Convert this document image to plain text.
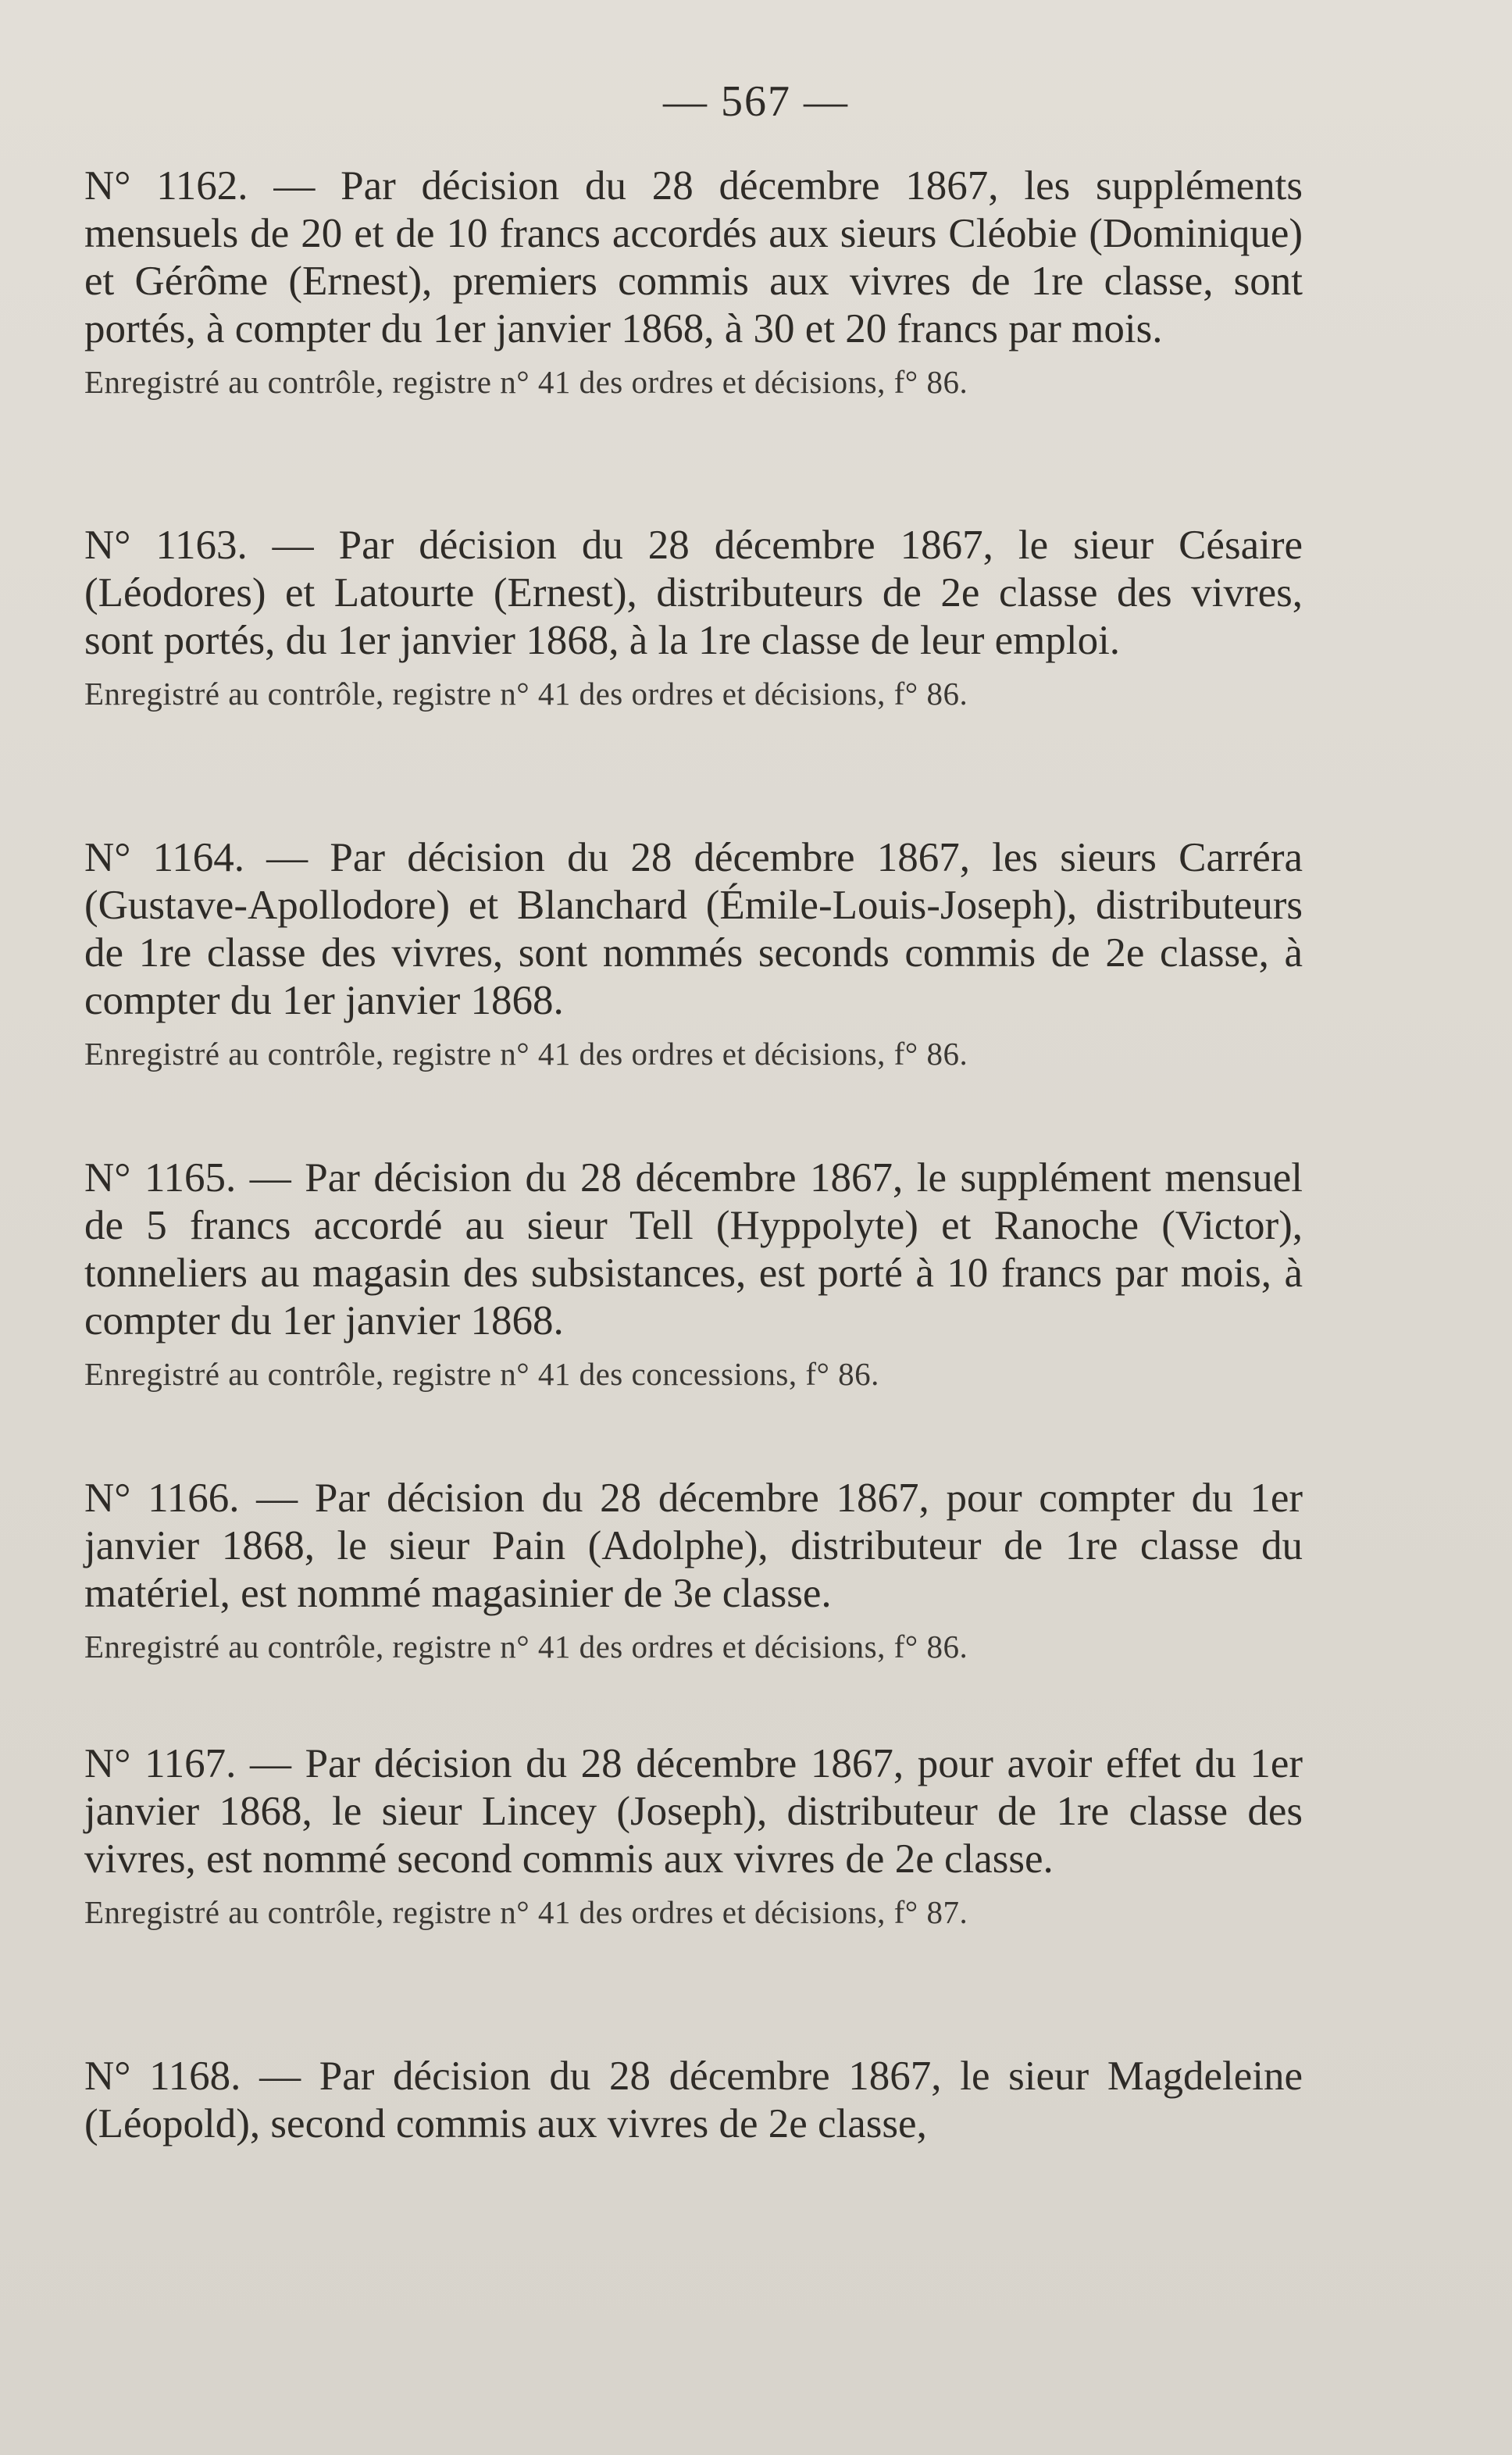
— 567 —

N° 1162. — Par décision du 28 décembre 1867, les suppléments mensuels de 20 et de 10 francs accordés aux sieurs Cléobie (Dominique) et Gérôme (Ernest), premiers commis aux vivres de 1re classe, sont portés, à compter du 1er janvier 1868, à 30 et 20 francs par mois.

Enregistré au contrôle, registre n° 41 des ordres et décisions, f° 86.

N° 1163. — Par décision du 28 décembre 1867, le sieur Césaire (Léodores) et Latourte (Ernest), distributeurs de 2e classe des vivres, sont portés, du 1er janvier 1868, à la 1re classe de leur emploi.

Enregistré au contrôle, registre n° 41 des ordres et décisions, f° 86.

N° 1164. — Par décision du 28 décembre 1867, les sieurs Carréra (Gustave-Apollodore) et Blanchard (Émile-Louis-Joseph), distributeurs de 1re classe des vivres, sont nommés seconds commis de 2e classe, à compter du 1er janvier 1868.

Enregistré au contrôle, registre n° 41 des ordres et décisions, f° 86.

N° 1165. — Par décision du 28 décembre 1867, le supplément mensuel de 5 francs accordé au sieur Tell (Hyppolyte) et Ranoche (Victor), tonneliers au magasin des subsistances, est porté à 10 francs par mois, à compter du 1er janvier 1868.

Enregistré au contrôle, registre n° 41 des concessions, f° 86.

N° 1166. — Par décision du 28 décembre 1867, pour compter du 1er janvier 1868, le sieur Pain (Adolphe), distributeur de 1re classe du matériel, est nommé magasinier de 3e classe.

Enregistré au contrôle, registre n° 41 des ordres et décisions, f° 86.

N° 1167. — Par décision du 28 décembre 1867, pour avoir effet du 1er janvier 1868, le sieur Lincey (Joseph), distributeur de 1re classe des vivres, est nommé second commis aux vivres de 2e classe.

Enregistré au contrôle, registre n° 41 des ordres et décisions, f° 87.

N° 1168. — Par décision du 28 décembre 1867, le sieur Magdeleine (Léopold), second commis aux vivres de 2e classe,
